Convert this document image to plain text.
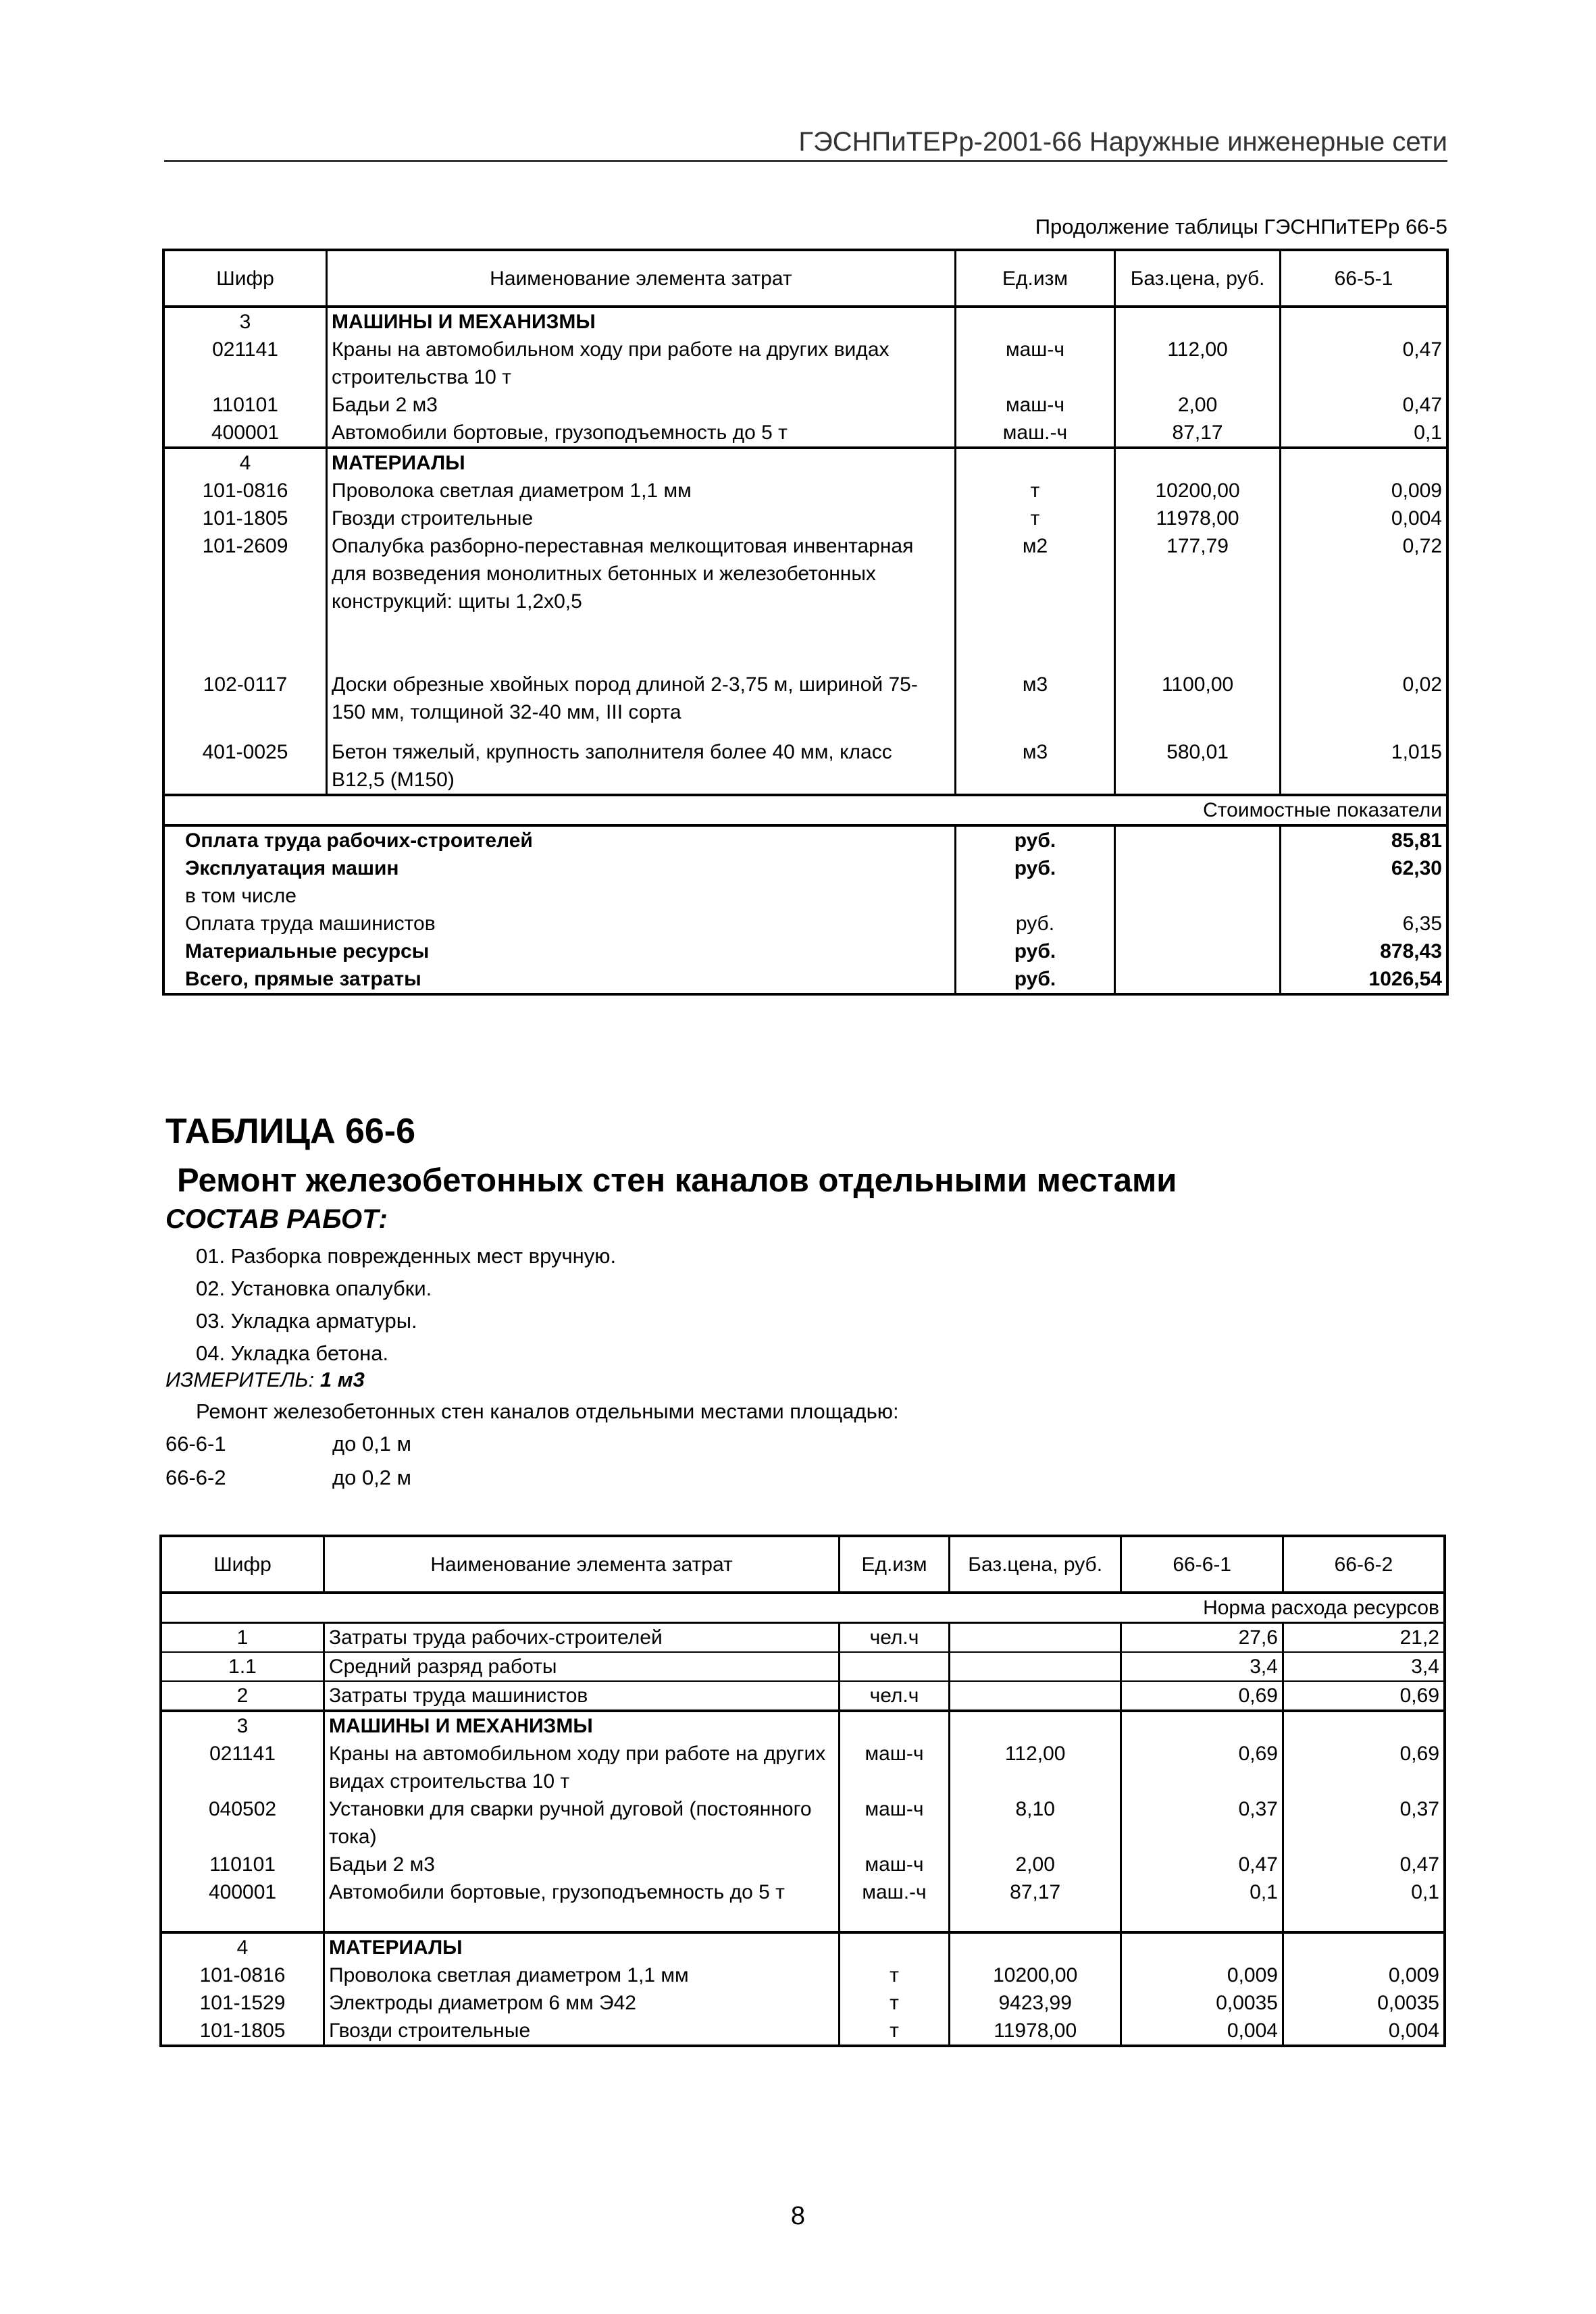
ГЭСНПиТЕРр-2001-66 Наружные инженерные сети
Продолжение таблицы ГЭСНПиТЕРр 66-5
Шифр	Наименование элемента затрат	Ед.изм	Баз.цена, руб.	66-5-1
3	МАШИНЫ И МЕХАНИЗМЫ			
021141	Краны на автомобильном ходу при работе на других видах строительства 10 т	маш-ч	112,00	0,47
110101	Бадьи 2 м3	маш-ч	2,00	0,47
400001	Автомобили бортовые, грузоподъемность до 5 т	маш.-ч	87,17	0,1
4	МАТЕРИАЛЫ			
101-0816	Проволока светлая диаметром 1,1 мм	т	10200,00	0,009
101-1805	Гвозди строительные	т	11978,00	0,004
101-2609	Опалубка разборно-переставная мелкощитовая инвентарная для возведения монолитных бетонных и железобетонных конструкций: щиты 1,2x0,5	м2	177,79	0,72
102-0117	Доски обрезные хвойных пород длиной 2-3,75 м, шириной 75-150 мм, толщиной 32-40 мм, III сорта	м3	1100,00	0,02
401-0025	Бетон тяжелый, крупность заполнителя более 40 мм, класс B12,5 (M150)	м3	580,01	1,015
Стоимостные показатели				
Оплата труда рабочих-строителей		руб.		85,81
Эксплуатация машин		руб.		62,30
в том числе				
Оплата труда машинистов		руб.		6,35
Материальные ресурсы		руб.		878,43
Всего, прямые затраты		руб.		1026,54
ТАБЛИЦА 66-6
Ремонт железобетонных стен каналов отдельными местами
СОСТАВ РАБОТ:
01. Разборка поврежденных мест вручную.
02. Установка опалубки.
03. Укладка арматуры.
04. Укладка бетона.
ИЗМЕРИТЕЛЬ: 1 м3
Ремонт железобетонных стен каналов отдельными местами площадью:
66-6-1	до 0,1 м
66-6-2	до 0,2 м
Шифр	Наименование элемента затрат	Ед.изм	Баз.цена, руб.	66-6-1	66-6-2
				Норма расхода ресурсов	
1	Затраты труда рабочих-строителей	чел.ч		27,6	21,2
1.1	Средний разряд работы			3,4	3,4
2	Затраты труда машинистов	чел.ч		0,69	0,69
3	МАШИНЫ И МЕХАНИЗМЫ				
021141	Краны на автомобильном ходу при работе на других видах строительства 10 т	маш-ч	112,00	0,69	0,69
040502	Установки для сварки ручной дуговой (постоянного тока)	маш-ч	8,10	0,37	0,37
110101	Бадьи 2 м3	маш-ч	2,00	0,47	0,47
400001	Автомобили бортовые, грузоподъемность до 5 т	маш.-ч	87,17	0,1	0,1
4	МАТЕРИАЛЫ				
101-0816	Проволока светлая диаметром 1,1 мм	т	10200,00	0,009	0,009
101-1529	Электроды диаметром 6 мм Э42	т	9423,99	0,0035	0,0035
101-1805	Гвозди строительные	т	11978,00	0,004	0,004
8
